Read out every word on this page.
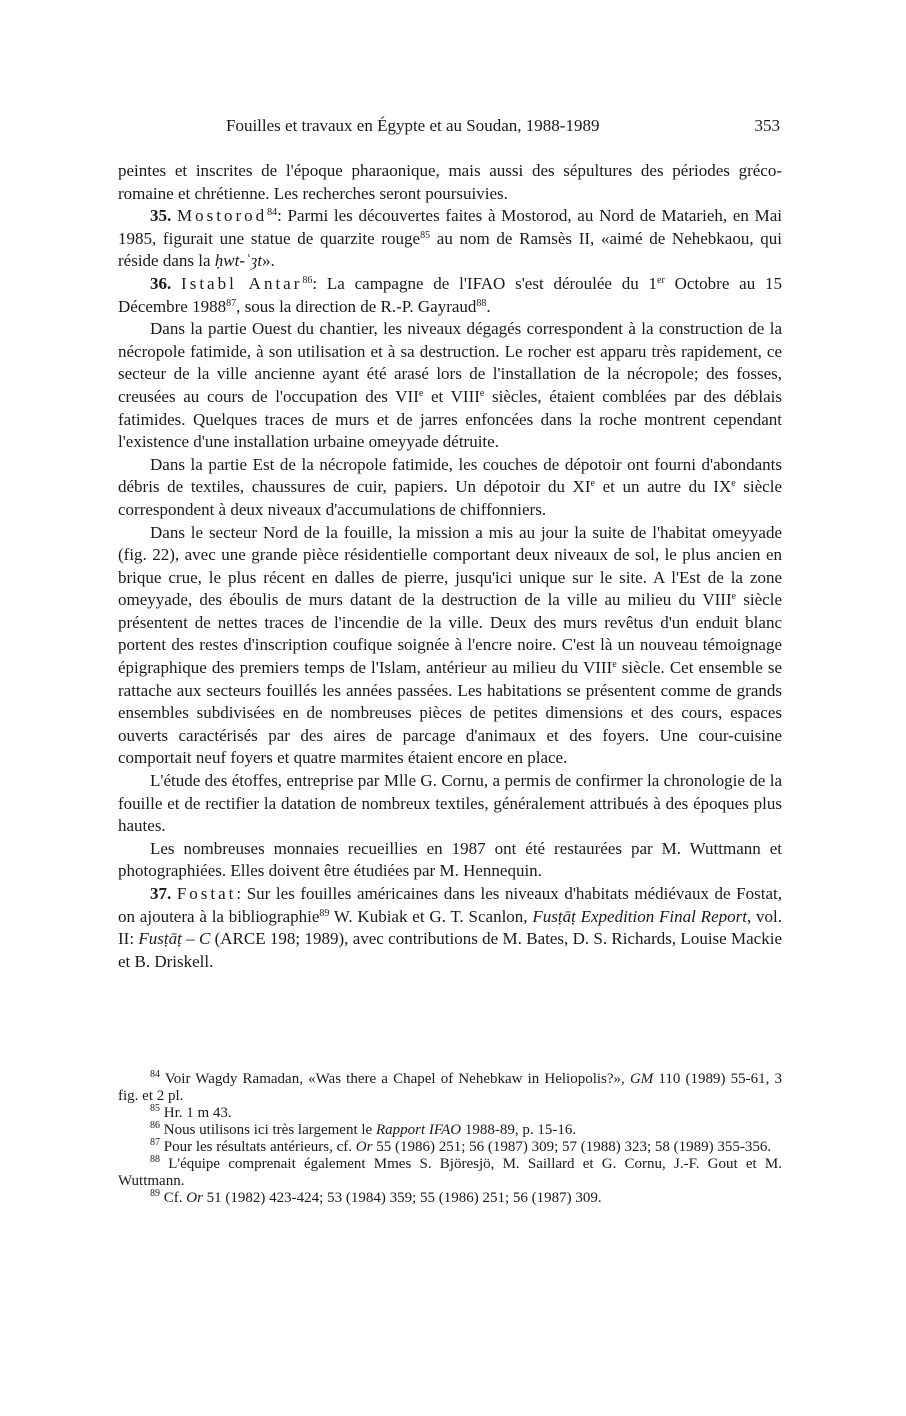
Fouilles et travaux en Égypte et au Soudan, 1988-1989	353

peintes et inscrites de l'époque pharaonique, mais aussi des sépultures des périodes gréco-romaine et chrétienne. Les recherches seront poursuivies.

35. Mostorod$^{84}$: Parmi les découvertes faites à Mostorod, au Nord de Matarieh, en Mai 1985, figurait une statue de quarzite rouge$^{85}$ au nom de Ramsès II, «aimé de Nehebkaou, qui réside dans la ḥwt-ʿȝt».

36. Istabl Antar$^{86}$: La campagne de l'IFAO s'est déroulée du 1er Octobre au 15 Décembre 1988$^{87}$, sous la direction de R.-P. Gayraud$^{88}$.

Dans la partie Ouest du chantier, les niveaux dégagés correspondent à la construction de la nécropole fatimide, à son utilisation et à sa destruction. Le rocher est apparu très rapidement, ce secteur de la ville ancienne ayant été arasé lors de l'installation de la nécropole; des fosses, creusées au cours de l'occupation des VIIe et VIIIe siècles, étaient comblées par des déblais fatimides. Quelques traces de murs et de jarres enfoncées dans la roche montrent cependant l'existence d'une installation urbaine omeyyade détruite.

Dans la partie Est de la nécropole fatimide, les couches de dépotoir ont fourni d'abondants débris de textiles, chaussures de cuir, papiers. Un dépotoir du XIe et un autre du IXe siècle correspondent à deux niveaux d'accumulations de chiffonniers.

Dans le secteur Nord de la fouille, la mission a mis au jour la suite de l'habitat omeyyade (fig. 22), avec une grande pièce résidentielle comportant deux niveaux de sol, le plus ancien en brique crue, le plus récent en dalles de pierre, jusqu'ici unique sur le site. A l'Est de la zone omeyyade, des éboulis de murs datant de la destruction de la ville au milieu du VIIIe siècle présentent de nettes traces de l'incendie de la ville. Deux des murs revêtus d'un enduit blanc portent des restes d'inscription coufique soignée à l'encre noire. C'est là un nouveau témoignage épigraphique des premiers temps de l'Islam, antérieur au milieu du VIIIe siècle. Cet ensemble se rattache aux secteurs fouillés les années passées. Les habitations se présentent comme de grands ensembles subdivisées en de nombreuses pièces de petites dimensions et des cours, espaces ouverts caractérisés par des aires de parcage d'animaux et des foyers. Une cour-cuisine comportait neuf foyers et quatre marmites étaient encore en place.

L'étude des étoffes, entreprise par Mlle G. Cornu, a permis de confirmer la chronologie de la fouille et de rectifier la datation de nombreux textiles, généralement attribués à des époques plus hautes.

Les nombreuses monnaies recueillies en 1987 ont été restaurées par M. Wuttmann et photographiées. Elles doivent être étudiées par M. Hennequin.

37. Fostat: Sur les fouilles américaines dans les niveaux d'habitats médiévaux de Fostat, on ajoutera à la bibliographie$^{89}$ W. Kubiak et G. T. Scanlon, Fusṭāṭ Expedition Final Report, vol. II: Fusṭāṭ – C (ARCE 198; 1989), avec contributions de M. Bates, D. S. Richards, Louise Mackie et B. Driskell.

$^{84}$ Voir Wagdy Ramadan, «Was there a Chapel of Nehebkaw in Heliopolis?», GM 110 (1989) 55-61, 3 fig. et 2 pl.

$^{85}$ Hr. 1 m 43.

$^{86}$ Nous utilisons ici très largement le Rapport IFAO 1988-89, p. 15-16.

$^{87}$ Pour les résultats antérieurs, cf. Or 55 (1986) 251; 56 (1987) 309; 57 (1988) 323; 58 (1989) 355-356.

$^{88}$ L'équipe comprenait également Mmes S. Björesjö, M. Saillard et G. Cornu, J.-F. Gout et M. Wuttmann.

$^{89}$ Cf. Or 51 (1982) 423-424; 53 (1984) 359; 55 (1986) 251; 56 (1987) 309.
